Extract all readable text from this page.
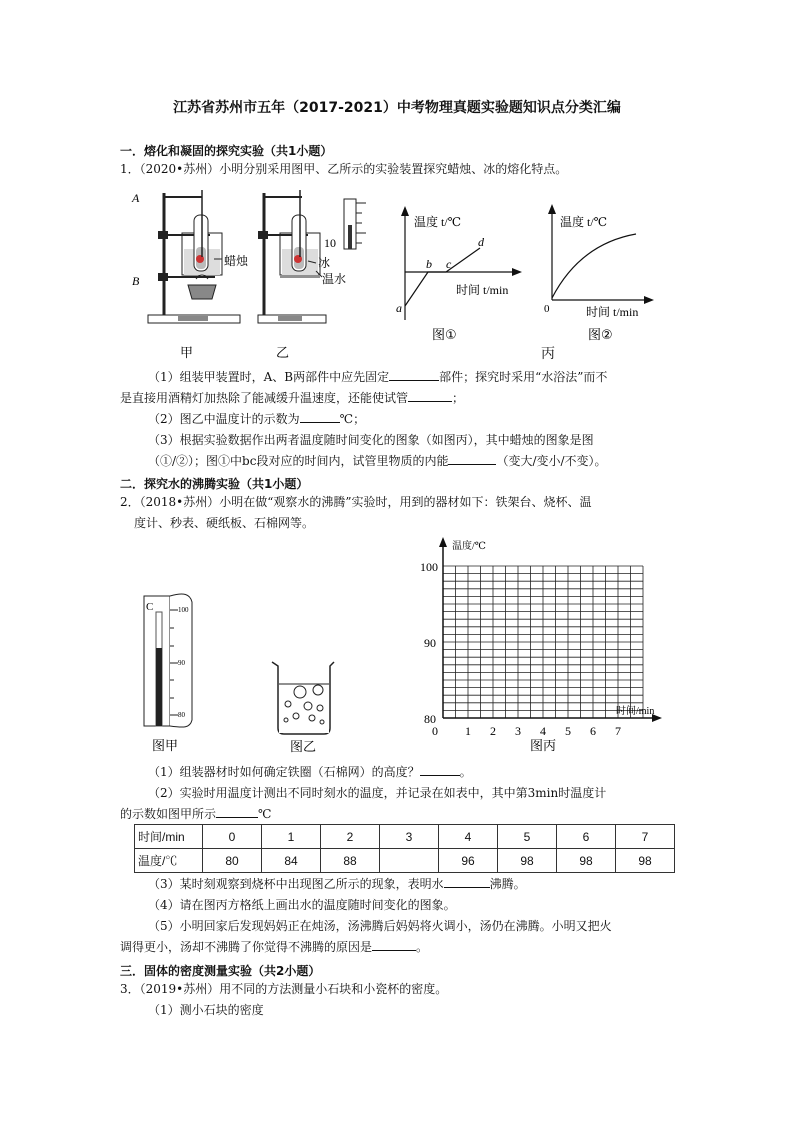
江苏省苏州市五年（2017-2021）中考物理真题实验题知识点分类汇编
一．熔化和凝固的探究实验（共1小题）
1．（2020•苏州）小明分别采用图甲、乙所示的实验装置探究蜡烛、冰的熔化特点。
A
B
蜡烛	冰
温水
10
甲	乙
温度 t/℃
时间 t/min
a
b c
d
图①
温度 t/℃
0	时间 t/min
图②
丙
（1）组装甲装置时，A、B两部件中应先固定	部件；探究时采用“水浴法”而不
是直接用酒精灯加热除了能减缓升温速度，还能使试管	；
（2）图乙中温度计的示数为	℃；
（3）根据实验数据作出两者温度随时间变化的图象（如图丙），其中蜡烛的图象是图
（①/②）；图①中bc段对应的时间内，试管里物质的内能	（变大/变小/不变）。
二．探究水的沸腾实验（共1小题）
2．（2018•苏州）小明在做“观察水的沸腾”实验时，用到的器材如下：铁架台、烧杯、温
度计、秒表、硬纸板、石棉网等。
C	100
90
80
图甲	图乙
温度/℃
时间/min
100
90
80
0 1 2 3 4 5 6 7
图丙
（1）组装器材时如何确定铁圈（石棉网）的高度？	。
（2）实验时用温度计测出不同时刻水的温度，并记录在如表中，其中第3min时温度计
的示数如图甲所示	℃
时间/min	0	1	2	3	4	5	6	7
温度/℃	80	84	88		96	98	98	98
（3）某时刻观察到烧杯中出现图乙所示的现象，表明水	沸腾。
（4）请在图丙方格纸上画出水的温度随时间变化的图象。
（5）小明回家后发现妈妈正在炖汤，汤沸腾后妈妈将火调小，汤仍在沸腾。小明又把火
调得更小，汤却不沸腾了你觉得不沸腾的原因是	。
三．固体的密度测量实验（共2小题）
3．（2019•苏州）用不同的方法测量小石块和小瓷杯的密度。
（1）测小石块的密度
